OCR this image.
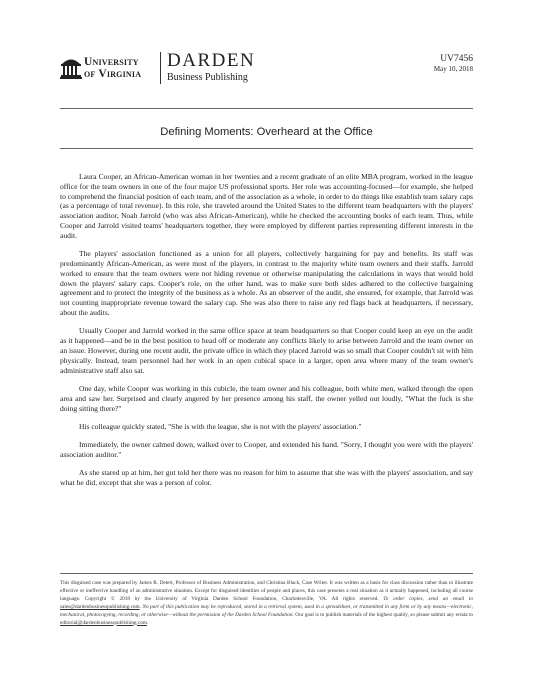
University
of Virginia
DARDEN
Business Publishing
UV7456
May 10, 2018
Defining Moments: Overheard at the Office

Laura Cooper, an African-American woman in her twenties and a recent graduate of an elite MBA program, worked in the league office for the team owners in one of the four major US professional sports. Her role was accounting-focused—for example, she helped to comprehend the financial position of each team, and of the association as a whole, in order to do things like establish team salary caps (as a percentage of total revenue). In this role, she traveled around the United States to the different team headquarters with the players' association auditor, Noah Jarrold (who was also African-American), while he checked the accounting books of each team. Thus, while Cooper and Jarrold visited teams' headquarters together, they were employed by different parties representing different interests in the audit.

The players' association functioned as a union for all players, collectively bargaining for pay and benefits. Its staff was predominantly African-American, as were most of the players, in contrast to the majority white team owners and their staffs. Jarrold worked to ensure that the team owners were not hiding revenue or otherwise manipulating the calculations in ways that would hold down the players' salary caps. Cooper's role, on the other hand, was to make sure both sides adhered to the collective bargaining agreement and to protect the integrity of the business as a whole. As an observer of the audit, she ensured, for example, that Jarrold was not counting inappropriate revenue toward the salary cap. She was also there to raise any red flags back at headquarters, if necessary, about the audits.

Usually Cooper and Jarrold worked in the same office space at team headquarters so that Cooper could keep an eye on the audit as it happened—and be in the best position to head off or moderate any conflicts likely to arise between Jarrold and the team owner on an issue. However, during one recent audit, the private office in which they placed Jarrold was so small that Cooper couldn't sit with him physically. Instead, team personnel had her work in an open cubical space in a larger, open area where many of the team owner's administrative staff also sat.

One day, while Cooper was working in this cubicle, the team owner and his colleague, both white men, walked through the open area and saw her. Surprised and clearly angered by her presence among his staff, the owner yelled out loudly, "What the fuck is she doing sitting there?"

His colleague quickly stated, "She is with the league, she is not with the players' association."

Immediately, the owner calmed down, walked over to Cooper, and extended his hand. "Sorry, I thought you were with the players' association auditor."

As she stared up at him, her gut told her there was no reason for him to assume that she was with the players' association, and say what he did, except that she was a person of color.

This disguised case was prepared by James R. Detert, Professor of Business Administration, and Christina Black, Case Writer. It was written as a basis for class discussion rather than to illustrate effective or ineffective handling of an administrative situation. Except for disguised identities of people and places, this case presents a real situation as it actually happened, including all course language. Copyright © 2018 by the University of Virginia Darden School Foundation, Charlottesville, VA. All rights reserved. To order copies, send an email to sales@dardenbusinesspublishing.com. No part of this publication may be reproduced, stored in a retrieval system, used in a spreadsheet, or transmitted in any form or by any means—electronic, mechanical, photocopying, recording, or otherwise—without the permission of the Darden School Foundation. Our goal is to publish materials of the highest quality, so please submit any errata to editorial@dardenbusinesspublishing.com.
